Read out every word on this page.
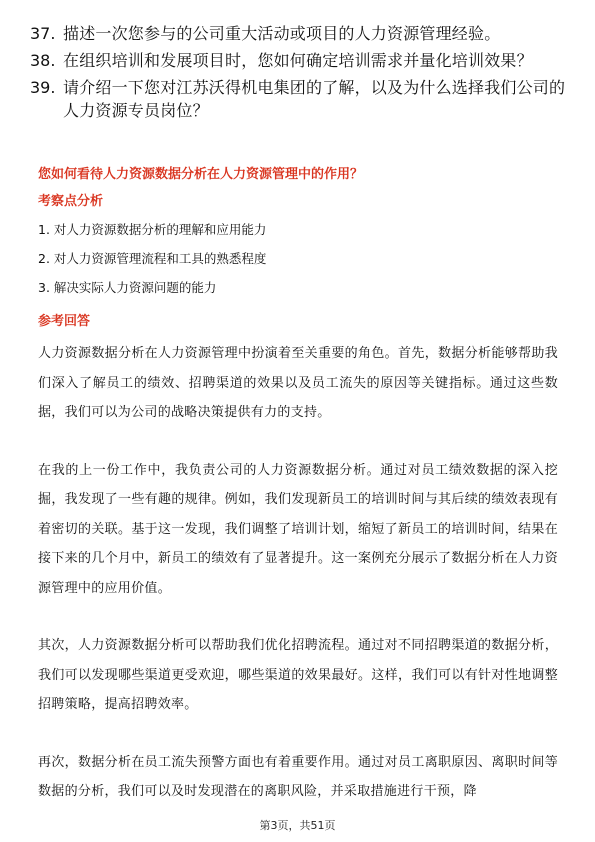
37. 描述一次您参与的公司重大活动或项目的人力资源管理经验。
38. 在组织培训和发展项目时，您如何确定培训需求并量化培训效果？
39. 请介绍一下您对江苏沃得机电集团的了解，以及为什么选择我们公司的人力资源专员岗位？
您如何看待人力资源数据分析在人力资源管理中的作用？
考察点分析
1. 对人力资源数据分析的理解和应用能力
2. 对人力资源管理流程和工具的熟悉程度
3. 解决实际人力资源问题的能力
参考回答
人力资源数据分析在人力资源管理中扮演着至关重要的角色。首先，数据分析能够帮助我们深入了解员工的绩效、招聘渠道的效果以及员工流失的原因等关键指标。通过这些数据，我们可以为公司的战略决策提供有力的支持。
在我的上一份工作中，我负责公司的人力资源数据分析。通过对员工绩效数据的深入挖掘，我发现了一些有趣的规律。例如，我们发现新员工的培训时间与其后续的绩效表现有着密切的关联。基于这一发现，我们调整了培训计划，缩短了新员工的培训时间，结果在接下来的几个月中，新员工的绩效有了显著提升。这一案例充分展示了数据分析在人力资源管理中的应用价值。
其次，人力资源数据分析可以帮助我们优化招聘流程。通过对不同招聘渠道的数据分析，我们可以发现哪些渠道更受欢迎，哪些渠道的效果最好。这样，我们可以有针对性地调整招聘策略，提高招聘效率。
再次，数据分析在员工流失预警方面也有着重要作用。通过对员工离职原因、离职时间等数据的分析，我们可以及时发现潜在的离职风险，并采取措施进行干预，降
第3页，共51页
